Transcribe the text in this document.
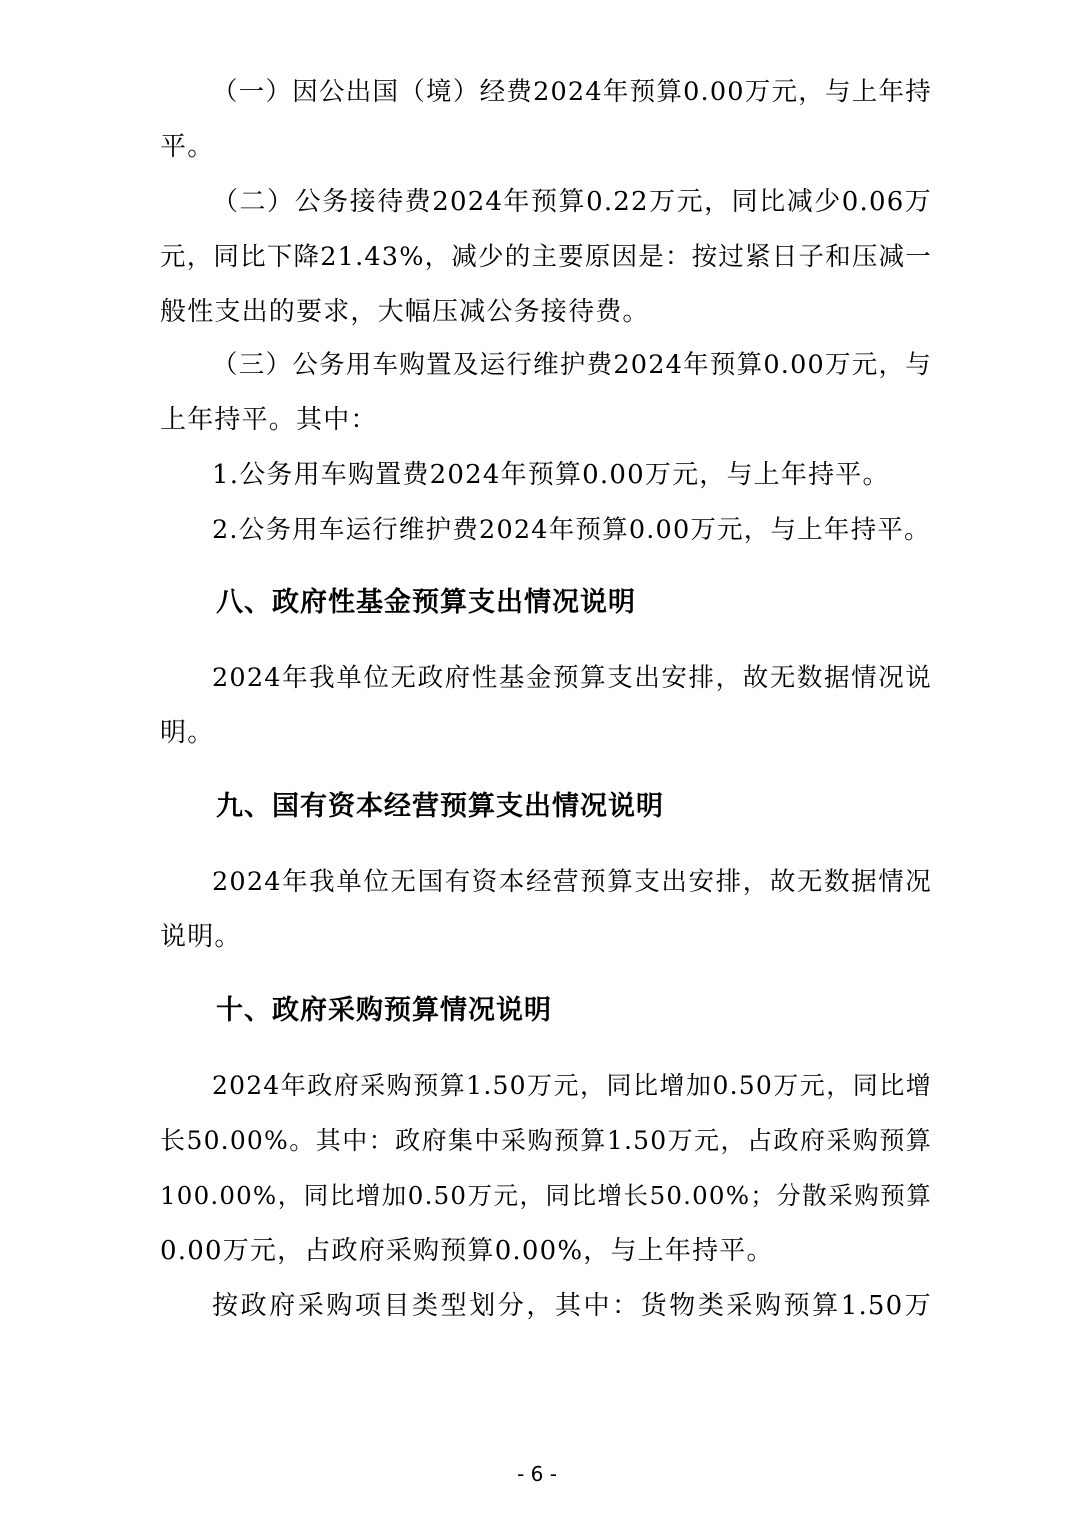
（一）因公出国（境）经费2024年预算0.00万元，与上年持
平。
（二）公务接待费2024年预算0.22万元，同比减少0.06万
元，同比下降21.43%，减少的主要原因是：按过紧日子和压减一
般性支出的要求，大幅压减公务接待费。
（三）公务用车购置及运行维护费2024年预算0.00万元，与
上年持平。其中：
1.公务用车购置费2024年预算0.00万元，与上年持平。
2.公务用车运行维护费2024年预算0.00万元，与上年持平。
八、政府性基金预算支出情况说明
2024年我单位无政府性基金预算支出安排，故无数据情况说
明。
九、国有资本经营预算支出情况说明
2024年我单位无国有资本经营预算支出安排，故无数据情况
说明。
十、政府采购预算情况说明
2024年政府采购预算1.50万元，同比增加0.50万元，同比增
长50.00%。其中：政府集中采购预算1.50万元，占政府采购预算
100.00%，同比增加0.50万元，同比增长50.00%；分散采购预算
0.00万元，占政府采购预算0.00%，与上年持平。
按政府采购项目类型划分，其中：货物类采购预算1.50万
- 6 -
